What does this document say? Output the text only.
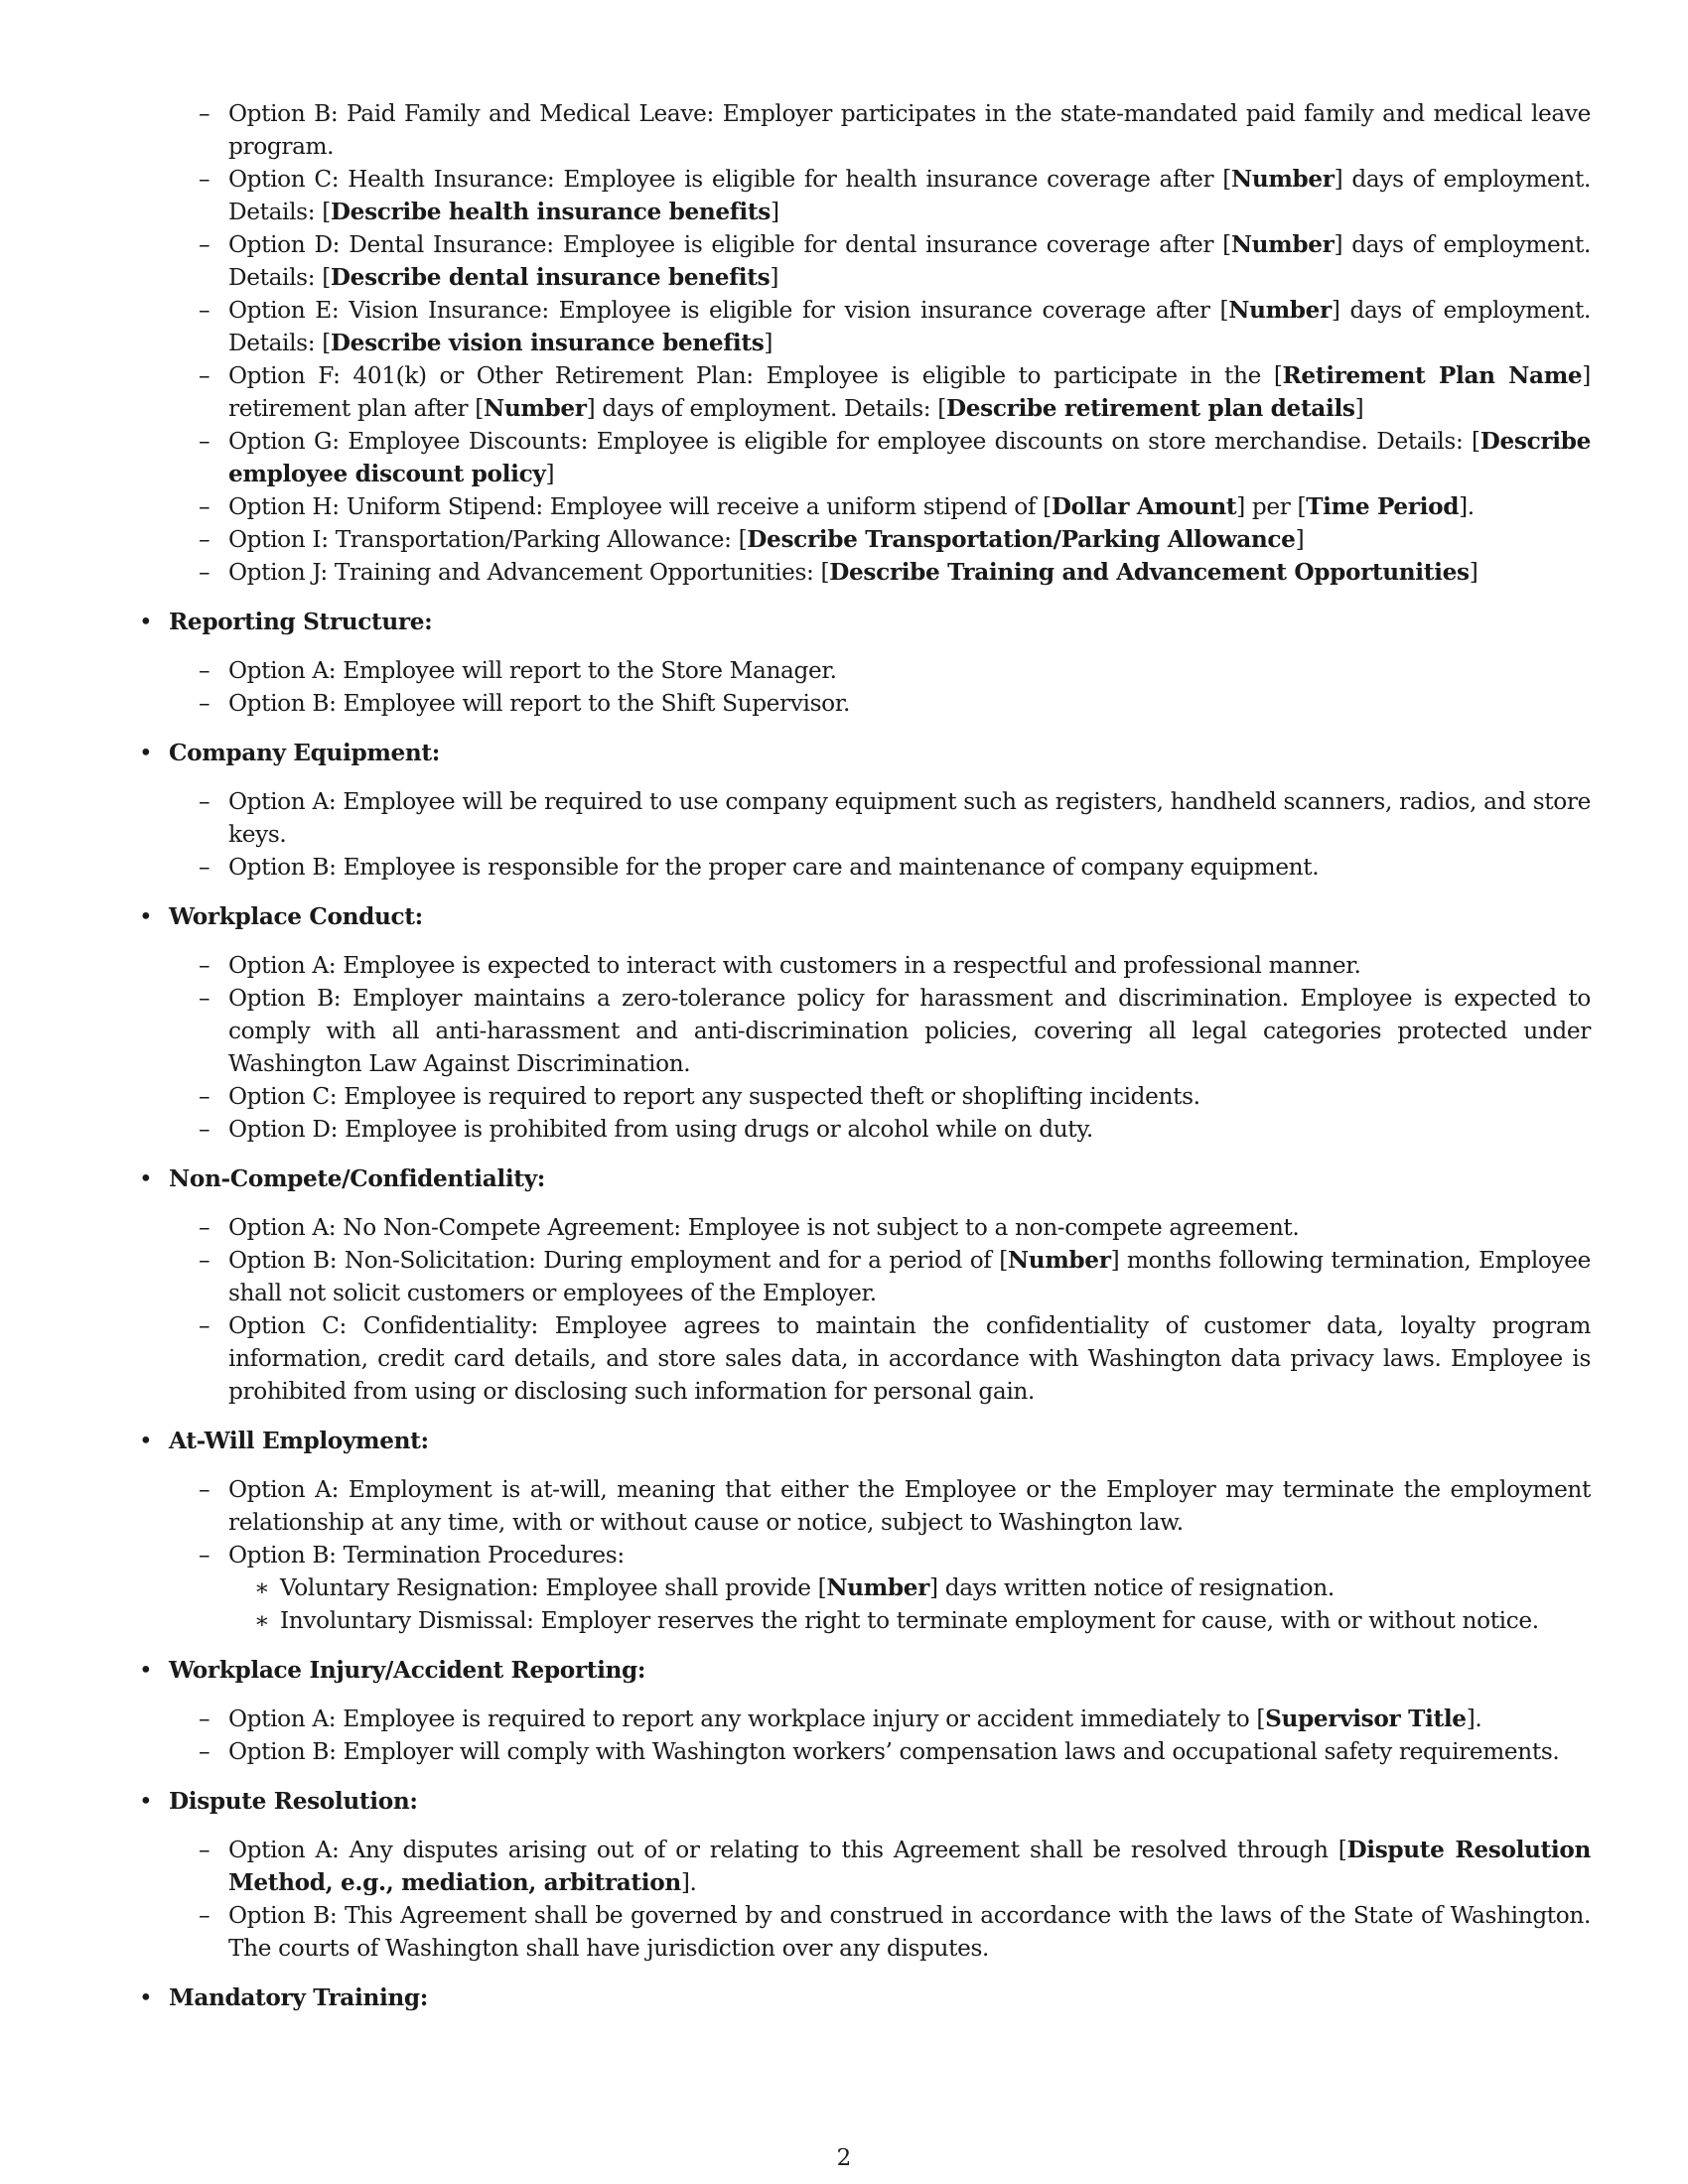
– Option B: Paid Family and Medical Leave: Employer participates in the state-mandated paid family and medical leave program.
– Option C: Health Insurance: Employee is eligible for health insurance coverage after [Number] days of employment. Details: [Describe health insurance benefits]
– Option D: Dental Insurance: Employee is eligible for dental insurance coverage after [Number] days of employment. Details: [Describe dental insurance benefits]
– Option E: Vision Insurance: Employee is eligible for vision insurance coverage after [Number] days of employment. Details: [Describe vision insurance benefits]
– Option F: 401(k) or Other Retirement Plan: Employee is eligible to participate in the [Retirement Plan Name] retirement plan after [Number] days of employment. Details: [Describe retirement plan details]
– Option G: Employee Discounts: Employee is eligible for employee discounts on store merchandise. Details: [Describe employee discount policy]
– Option H: Uniform Stipend: Employee will receive a uniform stipend of [Dollar Amount] per [Time Period].
– Option I: Transportation/Parking Allowance: [Describe Transportation/Parking Allowance]
– Option J: Training and Advancement Opportunities: [Describe Training and Advancement Opportunities]
• Reporting Structure:
– Option A: Employee will report to the Store Manager.
– Option B: Employee will report to the Shift Supervisor.
• Company Equipment:
– Option A: Employee will be required to use company equipment such as registers, handheld scanners, radios, and store keys.
– Option B: Employee is responsible for the proper care and maintenance of company equipment.
• Workplace Conduct:
– Option A: Employee is expected to interact with customers in a respectful and professional manner.
– Option B: Employer maintains a zero-tolerance policy for harassment and discrimination. Employee is expected to comply with all anti-harassment and anti-discrimination policies, covering all legal categories protected under Washington Law Against Discrimination.
– Option C: Employee is required to report any suspected theft or shoplifting incidents.
– Option D: Employee is prohibited from using drugs or alcohol while on duty.
• Non-Compete/Confidentiality:
– Option A: No Non-Compete Agreement: Employee is not subject to a non-compete agreement.
– Option B: Non-Solicitation: During employment and for a period of [Number] months following termination, Employee shall not solicit customers or employees of the Employer.
– Option C: Confidentiality: Employee agrees to maintain the confidentiality of customer data, loyalty program information, credit card details, and store sales data, in accordance with Washington data privacy laws. Employee is prohibited from using or disclosing such information for personal gain.
• At-Will Employment:
– Option A: Employment is at-will, meaning that either the Employee or the Employer may terminate the employment relationship at any time, with or without cause or notice, subject to Washington law.
– Option B: Termination Procedures:
∗ Voluntary Resignation: Employee shall provide [Number] days written notice of resignation.
∗ Involuntary Dismissal: Employer reserves the right to terminate employment for cause, with or without notice.
• Workplace Injury/Accident Reporting:
– Option A: Employee is required to report any workplace injury or accident immediately to [Supervisor Title].
– Option B: Employer will comply with Washington workers’ compensation laws and occupational safety requirements.
• Dispute Resolution:
– Option A: Any disputes arising out of or relating to this Agreement shall be resolved through [Dispute Resolution Method, e.g., mediation, arbitration].
– Option B: This Agreement shall be governed by and construed in accordance with the laws of the State of Washington. The courts of Washington shall have jurisdiction over any disputes.
• Mandatory Training:
2
